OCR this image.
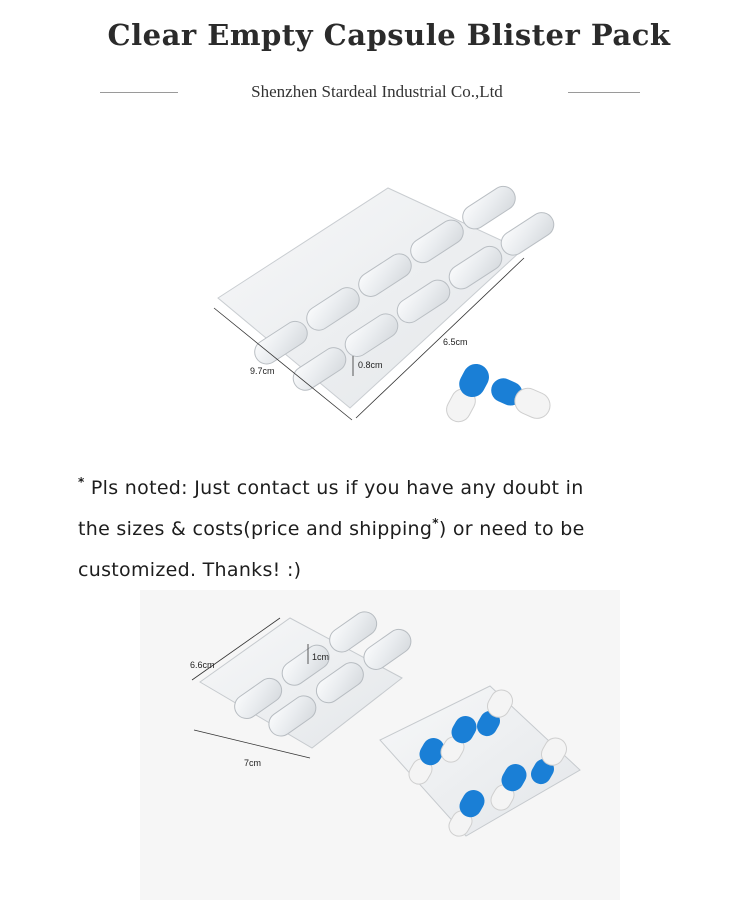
Clear Empty Capsule Blister Pack
Shenzhen Stardeal Industrial Co.,Ltd
9.7cm
6.5cm
0.8cm
* Pls noted: Just contact us if you have any doubt in
the sizes & costs(price and shipping*) or need to be
customized. Thanks! :)
6.6cm
7cm
1cm
